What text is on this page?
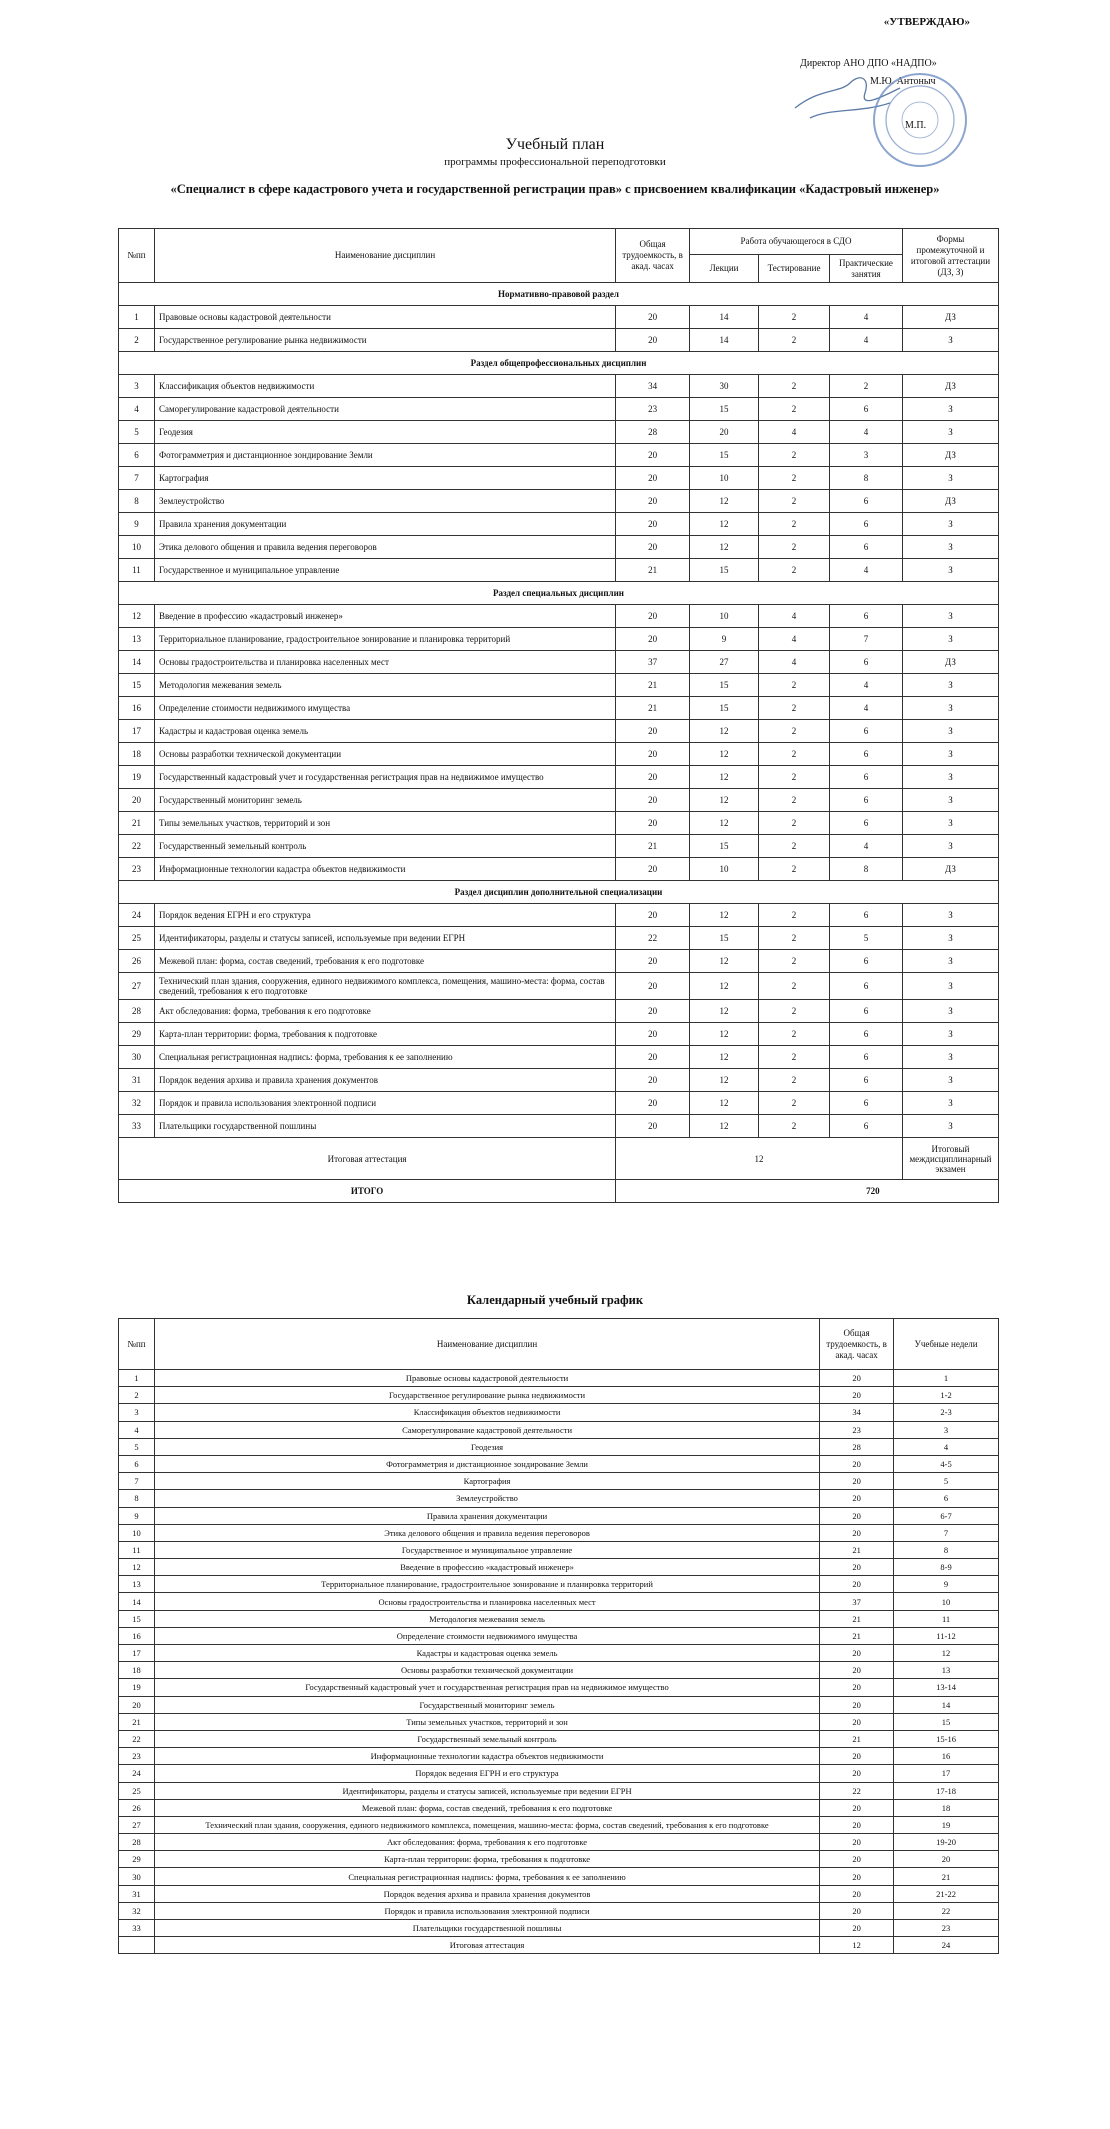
«УТВЕРЖДАЮ»
Директор АНО ДПО «НАДПО»
М.Ю. Антоныч
М.П.
Учебный план
программы профессиональной переподготовки
«Специалист в сфере кадастрового учета и государственной регистрации прав» с присвоением квалификации «Кадастровый инженер»
№пп	Наименование дисциплин	Общая трудоемкость, в акад. часах	Работа обучающегося в СДО			Формы промежуточной и итоговой аттестации (ДЗ, З)
			Лекции	Тестирование	Практические занятия	
Нормативно-правовой раздел						
1	Правовые основы кадастровой деятельности	20	14	2	4	ДЗ
2	Государственное регулирование рынка недвижимости	20	14	2	4	З
Раздел общепрофессиональных дисциплин						
3	Классификация объектов недвижимости	34	30	2	2	ДЗ
4	Саморегулирование кадастровой деятельности	23	15	2	6	З
5	Геодезия	28	20	4	4	З
6	Фотограмметрия и дистанционное зондирование Земли	20	15	2	3	ДЗ
7	Картография	20	10	2	8	З
8	Землеустройство	20	12	2	6	ДЗ
9	Правила хранения документации	20	12	2	6	З
10	Этика делового общения и правила ведения переговоров	20	12	2	6	З
11	Государственное и муниципальное управление	21	15	2	4	З
Раздел специальных дисциплин						
12	Введение в профессию «кадастровый инженер»	20	10	4	6	З
13	Территориальное планирование, градостроительное зонирование и планировка территорий	20	9	4	7	З
14	Основы градостроительства и планировка населенных мест	37	27	4	6	ДЗ
15	Методология межевания земель	21	15	2	4	З
16	Определение стоимости недвижимого имущества	21	15	2	4	З
17	Кадастры и кадастровая оценка земель	20	12	2	6	З
18	Основы разработки технической документации	20	12	2	6	З
19	Государственный кадастровый учет и государственная регистрация прав на недвижимое имущество	20	12	2	6	З
20	Государственный мониторинг земель	20	12	2	6	З
21	Типы земельных участков, территорий и зон	20	12	2	6	З
22	Государственный земельный контроль	21	15	2	4	З
23	Информационные технологии кадастра объектов недвижимости	20	10	2	8	ДЗ
Раздел дисциплин дополнительной специализации						
24	Порядок ведения ЕГРН и его структура	20	12	2	6	З
25	Идентификаторы, разделы и статусы записей, используемые при ведении ЕГРН	22	15	2	5	З
26	Межевой план: форма, состав сведений, требования к его подготовке	20	12	2	6	З
27	Технический план здания, сооружения, единого недвижимого комплекса, помещения, машино-места: форма, состав сведений, требования к его подготовке	20	12	2	6	З
28	Акт обследования: форма, требования к его подготовке	20	12	2	6	З
29	Карта-план территории: форма, требования к подготовке	20	12	2	6	З
30	Специальная регистрационная надпись: форма, требования к ее заполнению	20	12	2	6	З
31	Порядок ведения архива и правила хранения документов	20	12	2	6	З
32	Порядок и правила использования электронной подписи	20	12	2	6	З
33	Плательщики государственной пошлины	20	12	2	6	З
Итоговая аттестация		12				Итоговый междисциплинарный экзамен
ИТОГО		720				
Календарный учебный график
№пп	Наименование дисциплин	Общая трудоемкость, в акад. часах	Учебные недели
1	Правовые основы кадастровой деятельности	20	1
2	Государственное регулирование рынка недвижимости	20	1-2
3	Классификация объектов недвижимости	34	2-3
4	Саморегулирование кадастровой деятельности	23	3
5	Геодезия	28	4
6	Фотограмметрия и дистанционное зондирование Земли	20	4-5
7	Картография	20	5
8	Землеустройство	20	6
9	Правила хранения документации	20	6-7
10	Этика делового общения и правила ведения переговоров	20	7
11	Государственное и муниципальное управление	21	8
12	Введение в профессию «кадастровый инженер»	20	8-9
13	Территориальное планирование, градостроительное зонирование и планировка территорий	20	9
14	Основы градостроительства и планировка населенных мест	37	10
15	Методология межевания земель	21	11
16	Определение стоимости недвижимого имущества	21	11-12
17	Кадастры и кадастровая оценка земель	20	12
18	Основы разработки технической документации	20	13
19	Государственный кадастровый учет и государственная регистрация прав на недвижимое имущество	20	13-14
20	Государственный мониторинг земель	20	14
21	Типы земельных участков, территорий и зон	20	15
22	Государственный земельный контроль	21	15-16
23	Информационные технологии кадастра объектов недвижимости	20	16
24	Порядок ведения ЕГРН и его структура	20	17
25	Идентификаторы, разделы и статусы записей, используемые при ведении ЕГРН	22	17-18
26	Межевой план: форма, состав сведений, требования к его подготовке	20	18
27	Технический план здания, сооружения, единого недвижимого комплекса, помещения, машино-места: форма, состав сведений, требования к его подготовке	20	19
28	Акт обследования: форма, требования к его подготовке	20	19-20
29	Карта-план территории: форма, требования к подготовке	20	20
30	Специальная регистрационная надпись: форма, требования к ее заполнению	20	21
31	Порядок ведения архива и правила хранения документов	20	21-22
32	Порядок и правила использования электронной подписи	20	22
33	Плательщики государственной пошлины	20	23
	Итоговая аттестация	12	24
